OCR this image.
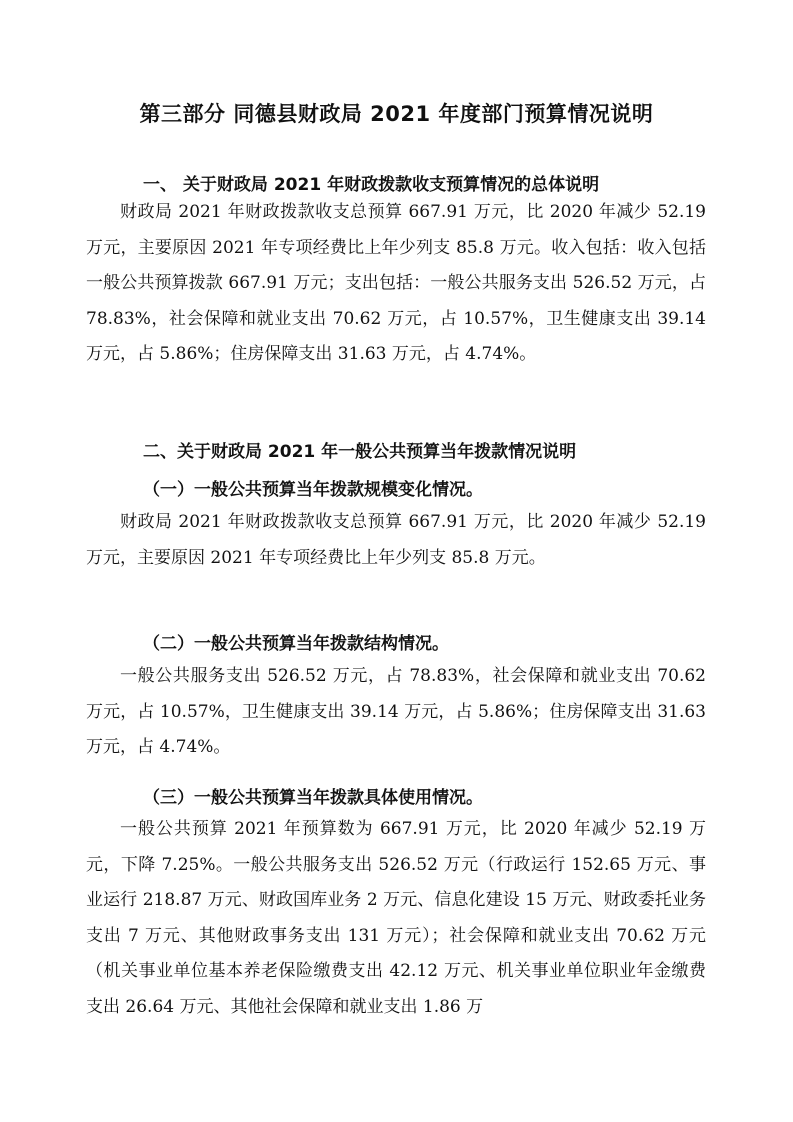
第三部分 同德县财政局 2021 年度部门预算情况说明
一、 关于财政局 2021 年财政拨款收支预算情况的总体说明

财政局 2021 年财政拨款收支总预算 667.91 万元，比 2020 年减少 52.19 万元，主要原因 2021 年专项经费比上年少列支 85.8 万元。收入包括：收入包括一般公共预算拨款 667.91 万元；支出包括：一般公共服务支出 526.52 万元，占 78.83%，社会保障和就业支出 70.62 万元，占 10.57%，卫生健康支出 39.14 万元，占 5.86%；住房保障支出 31.63 万元，占 4.74%。

二、关于财政局 2021 年一般公共预算当年拨款情况说明
（一）一般公共预算当年拨款规模变化情况。

财政局 2021 年财政拨款收支总预算 667.91 万元，比 2020 年减少 52.19 万元，主要原因 2021 年专项经费比上年少列支 85.8 万元。

（二）一般公共预算当年拨款结构情况。

一般公共服务支出 526.52 万元，占 78.83%，社会保障和就业支出 70.62 万元，占 10.57%，卫生健康支出 39.14 万元，占 5.86%；住房保障支出 31.63 万元，占 4.74%。

（三）一般公共预算当年拨款具体使用情况。

一般公共预算 2021 年预算数为 667.91 万元，比 2020 年减少 52.19 万元，下降 7.25%。一般公共服务支出 526.52 万元（行政运行 152.65 万元、事业运行 218.87 万元、财政国库业务 2 万元、信息化建设 15 万元、财政委托业务支出 7 万元、其他财政事务支出 131 万元）；社会保障和就业支出 70.62 万元（机关事业单位基本养老保险缴费支出 42.12 万元、机关事业单位职业年金缴费支出 26.64 万元、其他社会保障和就业支出 1.86 万
